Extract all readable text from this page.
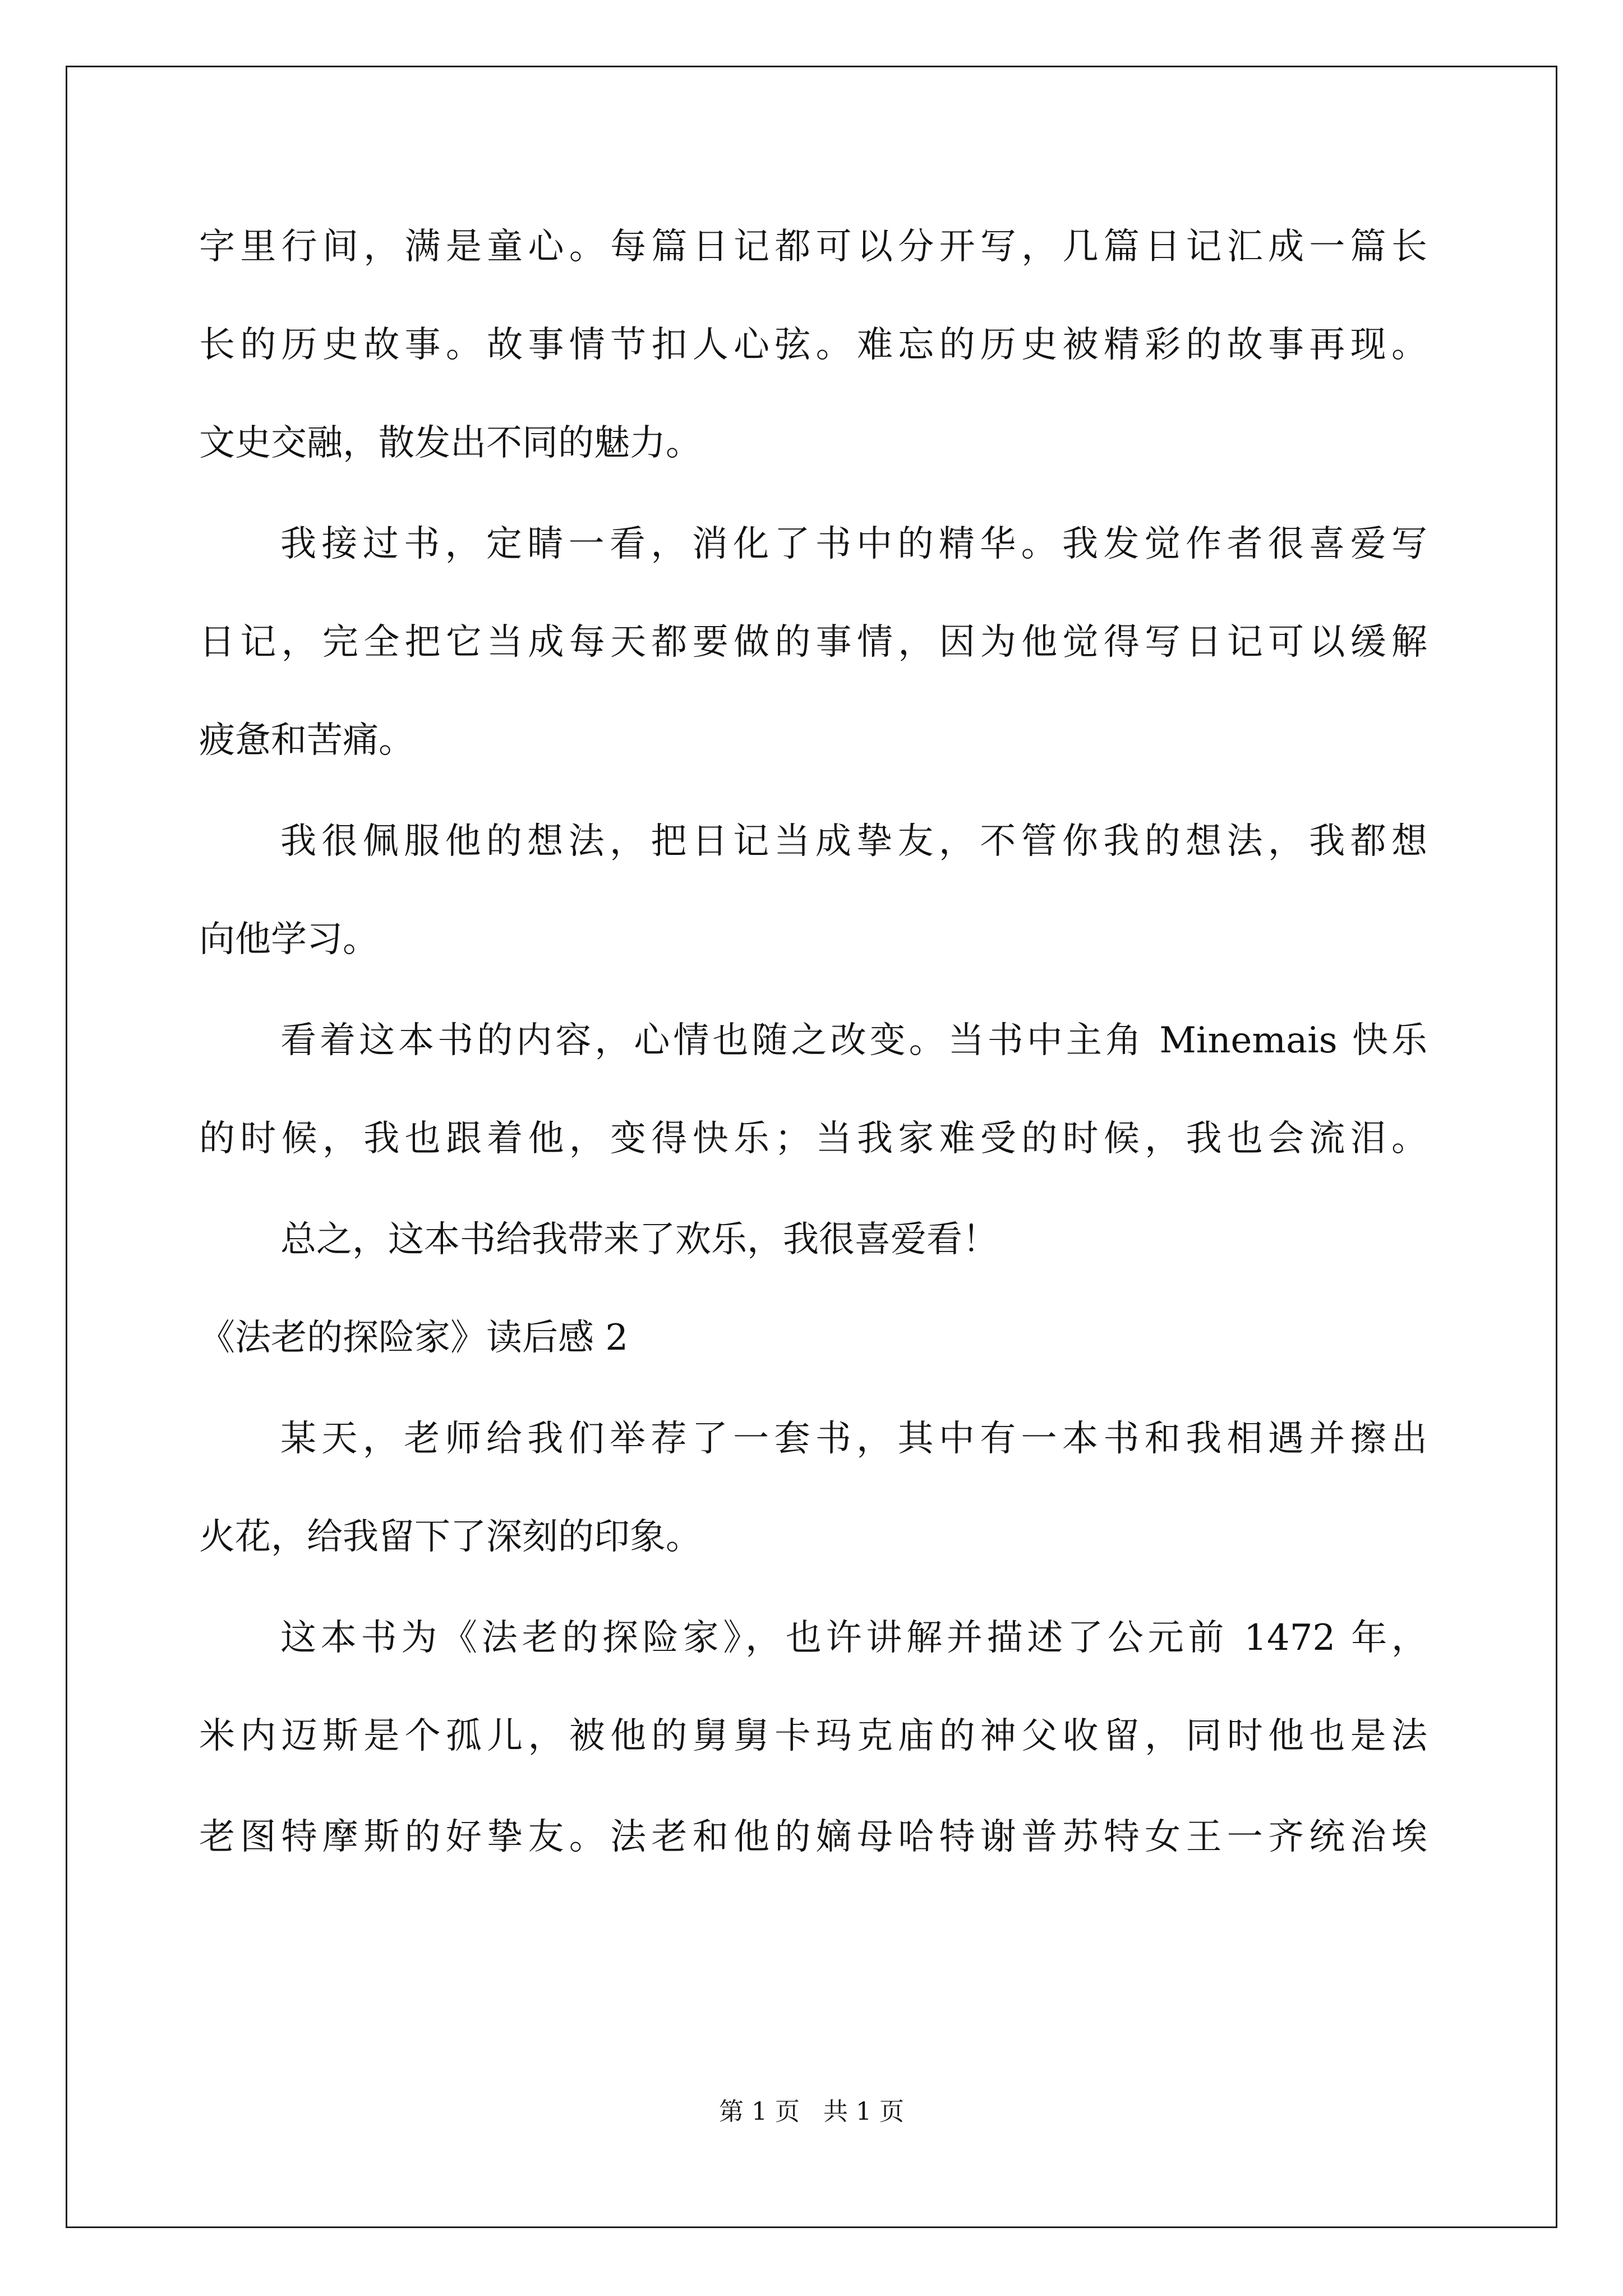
字里行间，满是童心。每篇日记都可以分开写，几篇日记汇成一篇长
长的历史故事。故事情节扣人心弦。难忘的历史被精彩的故事再现。
文史交融，散发出不同的魅力。
我接过书，定睛一看，消化了书中的精华。我发觉作者很喜爱写
日记，完全把它当成每天都要做的事情，因为他觉得写日记可以缓解
疲惫和苦痛。
我很佩服他的想法，把日记当成挚友，不管你我的想法，我都想
向他学习。
看着这本书的内容，心情也随之改变。当书中主角 Minemais 快乐
的时候，我也跟着他，变得快乐；当我家难受的时候，我也会流泪。
总之，这本书给我带来了欢乐，我很喜爱看！
《法老的探险家》读后感 2
某天，老师给我们举荐了一套书，其中有一本书和我相遇并擦出
火花，给我留下了深刻的印象。
这本书为《法老的探险家》，也许讲解并描述了公元前 1472 年，
米内迈斯是个孤儿，被他的舅舅卡玛克庙的神父收留，同时他也是法
老图特摩斯的好挚友。法老和他的嫡母哈特谢普苏特女王一齐统治埃
第 1 页   共 1 页
